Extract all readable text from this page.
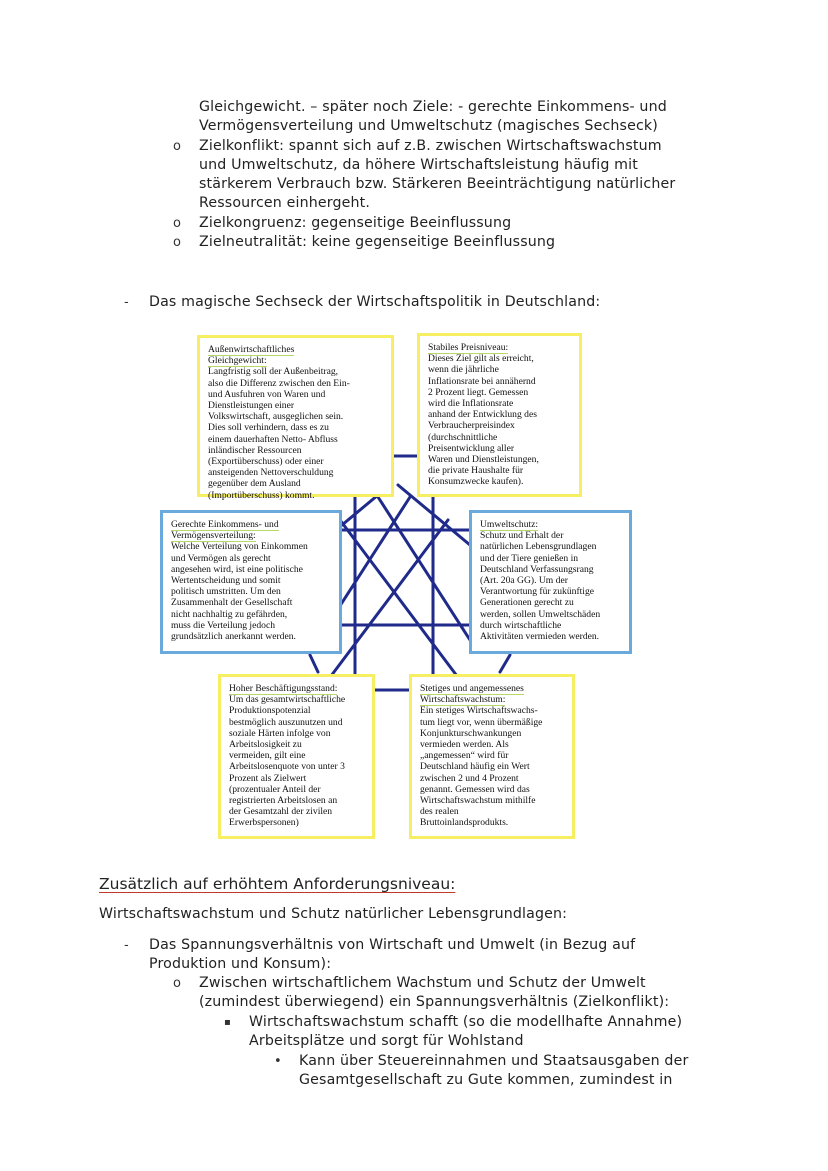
Gleichgewicht. – später noch Ziele: - gerechte Einkommens- und
Vermögensverteilung und Umweltschutz (magisches Sechseck)
o Zielkonflikt: spannt sich auf z.B. zwischen Wirtschaftswachstum
und Umweltschutz, da höhere Wirtschaftsleistung häufig mit
stärkerem Verbrauch bzw. Stärkeren Beeinträchtigung natürlicher
Ressourcen einhergeht.
o Zielkongruenz: gegenseitige Beeinflussung
o Zielneutralität: keine gegenseitige Beeinflussung
- Das magische Sechseck der Wirtschaftspolitik in Deutschland:
Außenwirtschaftliches
Gleichgewicht:
Langfristig soll der Außenbeitrag,
also die Differenz zwischen den Ein-
und Ausfuhren von Waren und
Dienstleistungen einer
Volkswirtschaft, ausgeglichen sein.
Dies soll verhindern, dass es zu
einem dauerhaften Netto- Abfluss
inländischer Ressourcen
(Exportüberschuss) oder einer
ansteigenden Nettoverschuldung
gegenüber dem Ausland
(Importüberschuss) kommt.
Stabiles Preisniveau:
Dieses Ziel gilt als erreicht,
wenn die jährliche
Inflationsrate bei annähernd
2 Prozent liegt. Gemessen
wird die Inflationsrate
anhand der Entwicklung des
Verbraucherpreisindex
(durchschnittliche
Preisentwicklung aller
Waren und Dienstleistungen,
die private Haushalte für
Konsumzwecke kaufen).
Gerechte Einkommens- und
Vermögensverteilung:
Welche Verteilung von Einkommen
und Vermögen als gerecht
angesehen wird, ist eine politische
Wertentscheidung und somit
politisch umstritten. Um den
Zusammenhalt der Gesellschaft
nicht nachhaltig zu gefährden,
muss die Verteilung jedoch
grundsätzlich anerkannt werden.
Umweltschutz:
Schutz und Erhalt der
natürlichen Lebensgrundlagen
und der Tiere genießen in
Deutschland Verfassungsrang
(Art. 20a GG). Um der
Verantwortung für zukünftige
Generationen gerecht zu
werden, sollen Umweltschäden
durch wirtschaftliche
Aktivitäten vermieden werden.
Hoher Beschäftigungsstand:
Um das gesamtwirtschaftliche
Produktionspotenzial
bestmöglich auszunutzen und
soziale Härten infolge von
Arbeitslosigkeit zu
vermeiden, gilt eine
Arbeitslosenquote von unter 3
Prozent als Zielwert
(prozentualer Anteil der
registrierten Arbeitslosen an
der Gesamtzahl der zivilen
Erwerbspersonen)
Stetiges und angemessenes
Wirtschaftswachstum:
Ein stetiges Wirtschaftswachs-
tum liegt vor, wenn übermäßige
Konjunkturschwankungen
vermieden werden. Als
„angemessen“ wird für
Deutschland häufig ein Wert
zwischen 2 und 4 Prozent
genannt. Gemessen wird das
Wirtschaftswachstum mithilfe
des realen
Bruttoinlandsprodukts.
Zusätzlich auf erhöhtem Anforderungsniveau:
Wirtschaftswachstum und Schutz natürlicher Lebensgrundlagen:
- Das Spannungsverhältnis von Wirtschaft und Umwelt (in Bezug auf
Produktion und Konsum):
o Zwischen wirtschaftlichem Wachstum und Schutz der Umwelt
(zumindest überwiegend) ein Spannungsverhältnis (Zielkonflikt):
▪ Wirtschaftswachstum schafft (so die modellhafte Annahme)
Arbeitsplätze und sorgt für Wohlstand
• Kann über Steuereinnahmen und Staatsausgaben der
Gesamtgesellschaft zu Gute kommen, zumindest in
